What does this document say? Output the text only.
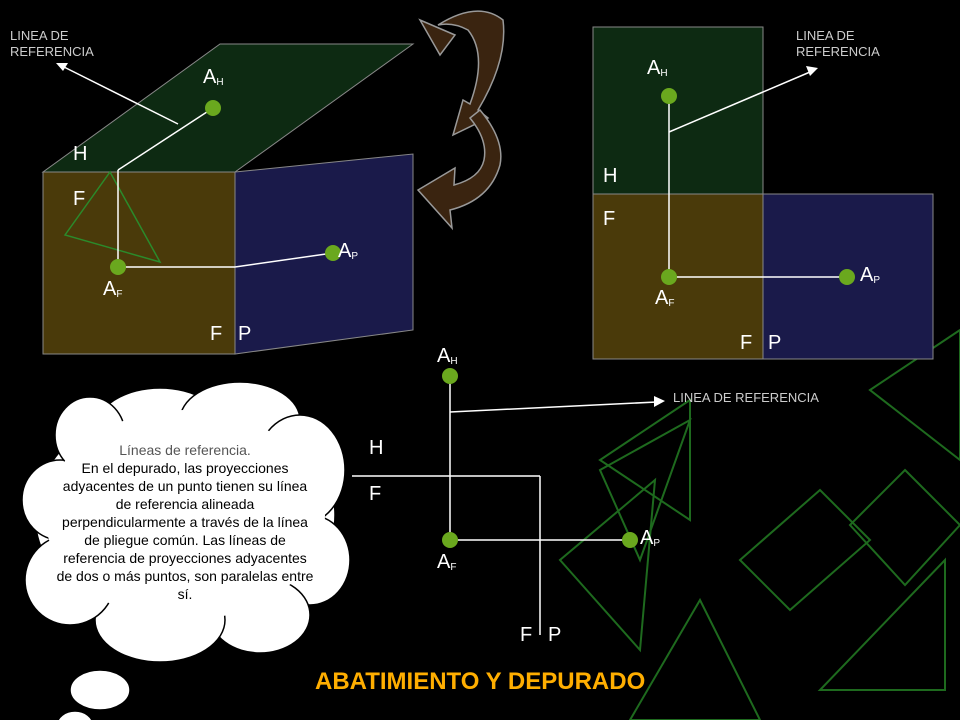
LINEA DE
REFERENCIA
$A_H$
H
F
$A_P$
$A_F$
F P
LINEA DE
REFERENCIA
$A_H$
H
F
$A_P$
$A_F$
F P
$A_H$
LINEA DE REFERENCIA
H
F
$A_P$
$A_F$
F P
Líneas de referencia.
En el depurado, las proyecciones adyacentes de un punto tienen su línea de referencia alineada perpendicularmente a través de la línea de pliegue común. Las líneas de referencia de proyecciones adyacentes de dos o más puntos, son paralelas entre sí.
ABATIMIENTO Y DEPURADO
